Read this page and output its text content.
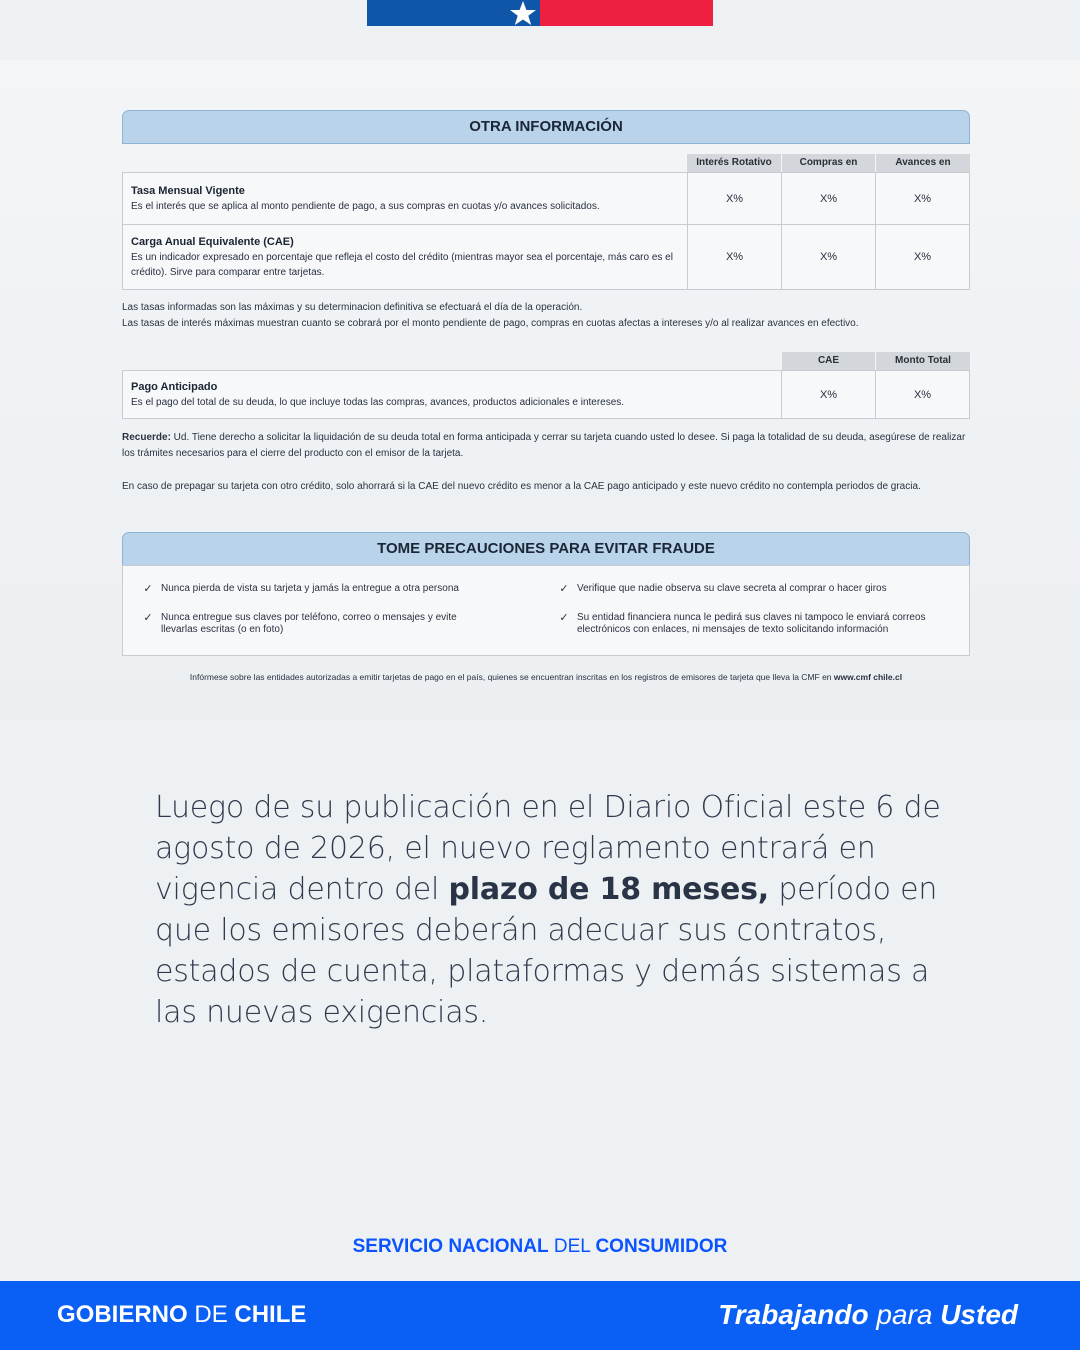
OTRA INFORMACIÓN
Interés Rotativo	Compras en	Avances en
Tasa Mensual Vigente
Es el interés que se aplica al monto pendiente de pago, a sus compras en cuotas y/o avances solicitados.	X%	X%	X%
Carga Anual Equivalente (CAE)
Es un indicador expresado en porcentaje que refleja el costo del crédito (mientras mayor sea el porcentaje, más caro es el crédito). Sirve para comparar entre tarjetas.	X%	X%	X%
Las tasas informadas son las máximas y su determinacion definitiva se efectuará el día de la operación.
Las tasas de interés máximas muestran cuanto se cobrará por el monto pendiente de pago, compras en cuotas afectas a intereses y/o al realizar avances en efectivo.
CAE	Monto Total
Pago Anticipado
Es el pago del total de su deuda, lo que incluye todas las compras, avances, productos adicionales e intereses.	X%	X%
Recuerde: Ud. Tiene derecho a solicitar la liquidación de su deuda total en forma anticipada y cerrar su tarjeta cuando usted lo desee. Si paga la totalidad de su deuda, asegúrese de realizar los trámites necesarios para el cierre del producto con el emisor de la tarjeta.
En caso de prepagar su tarjeta con otro crédito, solo ahorrará si la CAE del nuevo crédito es menor a la CAE pago anticipado y este nuevo crédito no contempla periodos de gracia.
TOME PRECAUCIONES PARA EVITAR FRAUDE
✓ Nunca pierda de vista su tarjeta y jamás la entregue a otra persona	✓ Verifique que nadie observa su clave secreta al comprar o hacer giros
✓ Nunca entregue sus claves por teléfono, correo o mensajes y evite llevarlas escritas (o en foto)
✓ Su entidad financiera nunca le pedirá sus claves ni tampoco le enviará correos electrónicos con enlaces, ni mensajes de texto solicitando información
Infórmese sobre las entidades autorizadas a emitir tarjetas de pago en el país, quienes se encuentran inscritas en los registros de emisores de tarjeta que lleva la CMF en www.cmf chile.cl
Luego de su publicación en el Diario Oficial este 6 de agosto de 2026, el nuevo reglamento entrará en vigencia dentro del plazo de 18 meses, período en que los emisores deberán adecuar sus contratos, estados de cuenta, plataformas y demás sistemas a las nuevas exigencias.
SERVICIO NACIONAL DEL CONSUMIDOR
GOBIERNO DE CHILE	Trabajando para Usted
